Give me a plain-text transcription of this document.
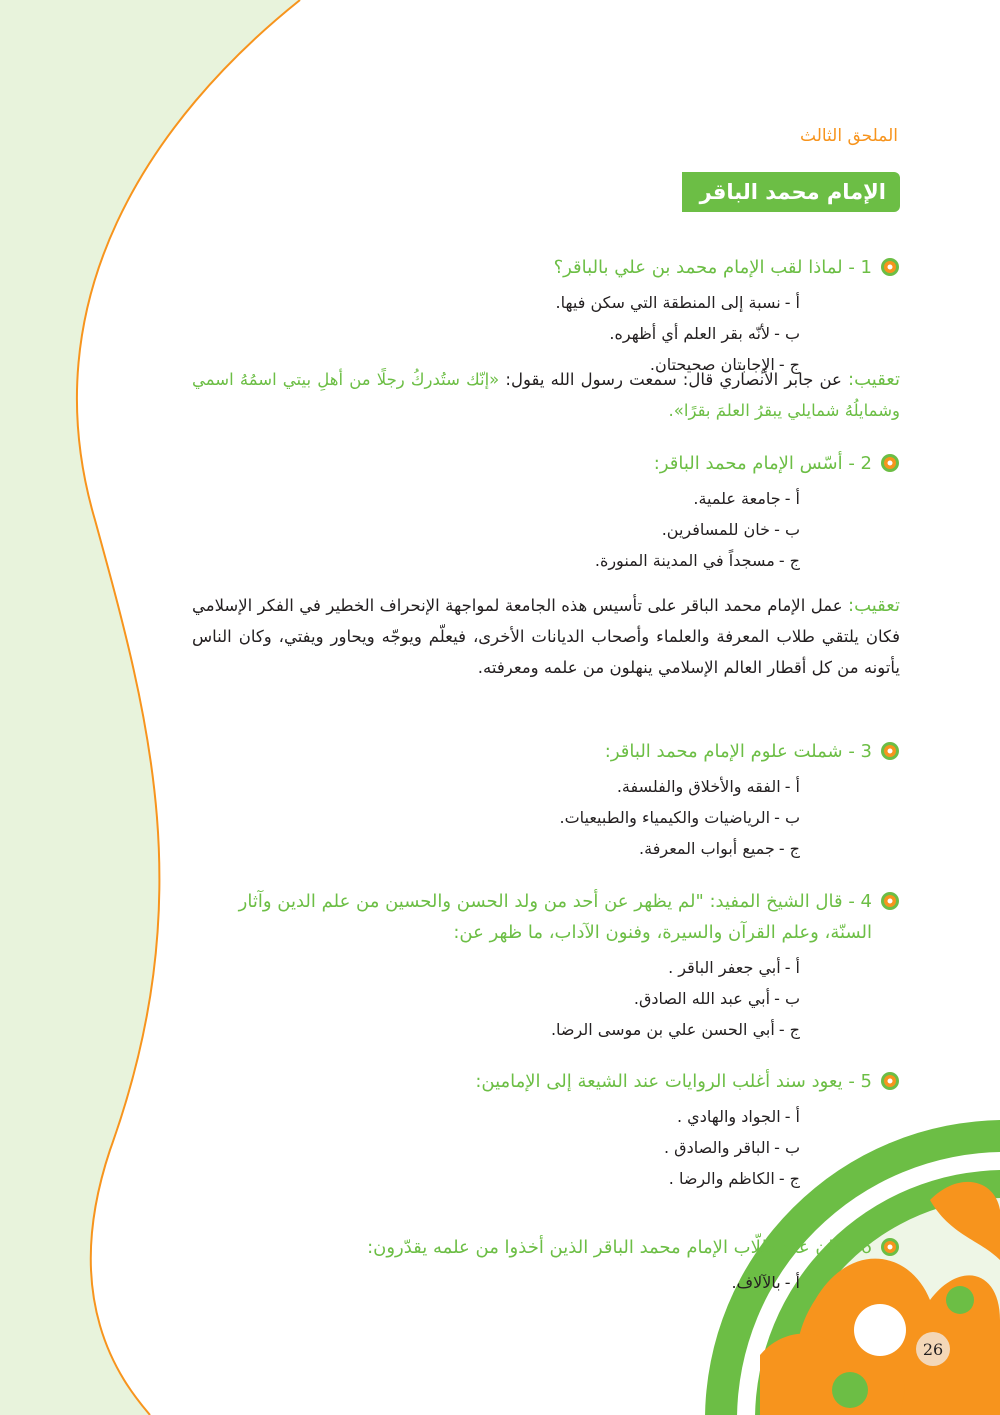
الملحق الثالث
الإمام محمد الباقر
1 - لماذا لقب الإمام محمد بن علي بالباقر؟
أ -
نسبة إلى المنطقة التي سكن فيها.
ب -
لأنّه بقر العلم أي أظهره.
ج -
الإجابتان صحيحتان.
تعقيب: عن جابر الأنصاري قال: سمعت رسول الله يقول: «إنّك ستُدركُ رجلًا من أهلِ بيتي اسمُهُ اسمي وشمايلُهُ شمايلي يبقرُ العلمَ بقرًا».
2 - أسّس الإمام محمد الباقر:
أ -
جامعة علمية.
ب -
خان للمسافرين.
ج -
مسجداً في المدينة المنورة.
تعقيب: عمل الإمام محمد الباقر على تأسيس هذه الجامعة لمواجهة الإنحراف الخطير في الفكر الإسلامي فكان يلتقي طلاب المعرفة والعلماء وأصحاب الديانات الأخرى، فيعلّم ويوجّه ويحاور ويفتي، وكان الناس يأتونه من كل أقطار العالم الإسلامي ينهلون من علمه ومعرفته.
3 - شملت علوم الإمام محمد الباقر:
أ -
الفقه والأخلاق والفلسفة.
ب -
الرياضيات والكيمياء والطبيعيات.
ج -
جميع أبواب المعرفة.
4 - قال الشيخ المفيد: "لم يظهر عن أحد من ولد الحسن والحسين من علم الدين وآثار السنّة، وعلم القرآن والسيرة، وفنون الآداب، ما ظهر عن:
أ -
أبي جعفر الباقر .
ب -
أبي عبد الله الصادق.
ج -
أبي الحسن علي بن موسى الرضا.
5 - يعود سند أغلب الروايات عند الشيعة إلى الإمامين:
أ -
الجواد والهادي .
ب -
الباقر والصادق .
ج -
الكاظم والرضا .
6 - كان عدد طلّاب الإمام محمد الباقر الذين أخذوا من علمه يقدّرون:
أ -
بالآلاف.
26
